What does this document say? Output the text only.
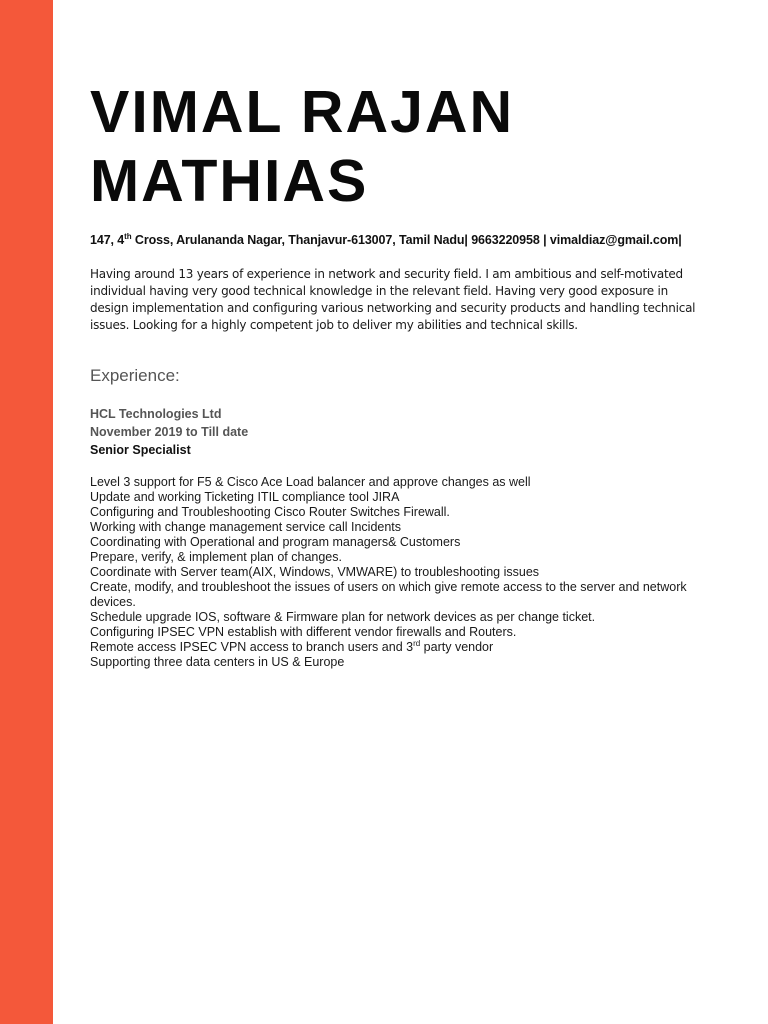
VIMAL RAJAN
MATHIAS
147, 4th Cross, Arulananda Nagar, Thanjavur-613007, Tamil Nadu| 9663220958 | vimaldiaz@gmail.com|
Having around 13 years of experience in network and security field. I am ambitious and self-motivated individual having very good technical knowledge in the relevant field. Having very good exposure in design implementation and configuring various networking and security products and handling technical issues. Looking for a highly competent job to deliver my abilities and technical skills.
Experience:
HCL Technologies Ltd
November 2019 to Till date
Senior Specialist
Level 3 support for F5 & Cisco Ace Load balancer and approve changes as well
Update and working Ticketing ITIL compliance tool JIRA
Configuring and Troubleshooting Cisco Router Switches Firewall.
Working with change management service call Incidents
Coordinating with Operational and program managers& Customers
Prepare, verify, & implement plan of changes.
Coordinate with Server team(AIX, Windows, VMWARE) to troubleshooting issues
Create, modify, and troubleshoot the issues of users on which give remote access to the server and network devices.
Schedule upgrade IOS, software & Firmware plan for network devices as per change ticket.
Configuring IPSEC VPN establish with different vendor firewalls and Routers.
Remote access IPSEC VPN access to branch users and 3rd party vendor
Supporting three data centers in US & Europe
